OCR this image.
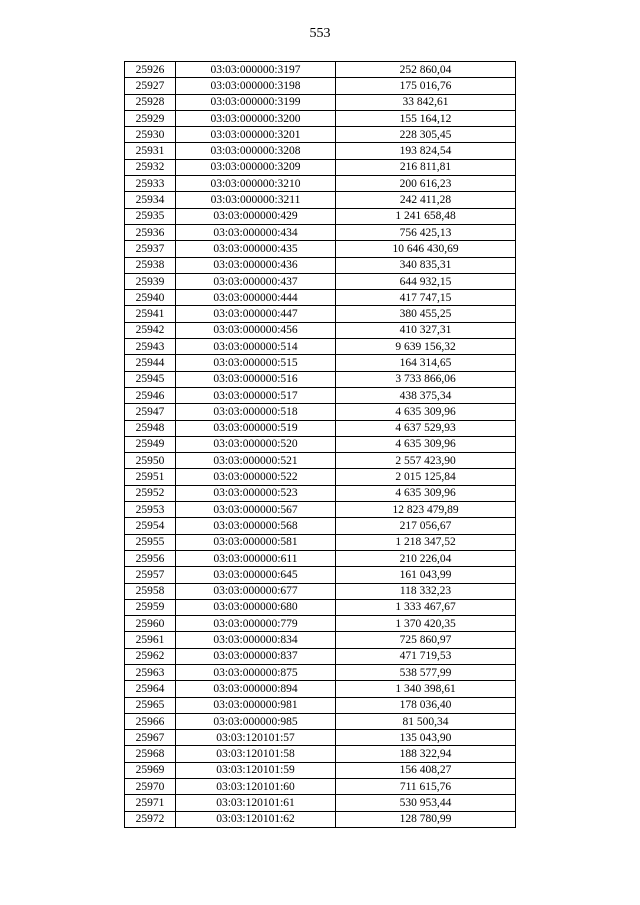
553
25926	03:03:000000:3197	252 860,04
25927	03:03:000000:3198	175 016,76
25928	03:03:000000:3199	33 842,61
25929	03:03:000000:3200	155 164,12
25930	03:03:000000:3201	228 305,45
25931	03:03:000000:3208	193 824,54
25932	03:03:000000:3209	216 811,81
25933	03:03:000000:3210	200 616,23
25934	03:03:000000:3211	242 411,28
25935	03:03:000000:429	1 241 658,48
25936	03:03:000000:434	756 425,13
25937	03:03:000000:435	10 646 430,69
25938	03:03:000000:436	340 835,31
25939	03:03:000000:437	644 932,15
25940	03:03:000000:444	417 747,15
25941	03:03:000000:447	380 455,25
25942	03:03:000000:456	410 327,31
25943	03:03:000000:514	9 639 156,32
25944	03:03:000000:515	164 314,65
25945	03:03:000000:516	3 733 866,06
25946	03:03:000000:517	438 375,34
25947	03:03:000000:518	4 635 309,96
25948	03:03:000000:519	4 637 529,93
25949	03:03:000000:520	4 635 309,96
25950	03:03:000000:521	2 557 423,90
25951	03:03:000000:522	2 015 125,84
25952	03:03:000000:523	4 635 309,96
25953	03:03:000000:567	12 823 479,89
25954	03:03:000000:568	217 056,67
25955	03:03:000000:581	1 218 347,52
25956	03:03:000000:611	210 226,04
25957	03:03:000000:645	161 043,99
25958	03:03:000000:677	118 332,23
25959	03:03:000000:680	1 333 467,67
25960	03:03:000000:779	1 370 420,35
25961	03:03:000000:834	725 860,97
25962	03:03:000000:837	471 719,53
25963	03:03:000000:875	538 577,99
25964	03:03:000000:894	1 340 398,61
25965	03:03:000000:981	178 036,40
25966	03:03:000000:985	81 500,34
25967	03:03:120101:57	135 043,90
25968	03:03:120101:58	188 322,94
25969	03:03:120101:59	156 408,27
25970	03:03:120101:60	711 615,76
25971	03:03:120101:61	530 953,44
25972	03:03:120101:62	128 780,99
